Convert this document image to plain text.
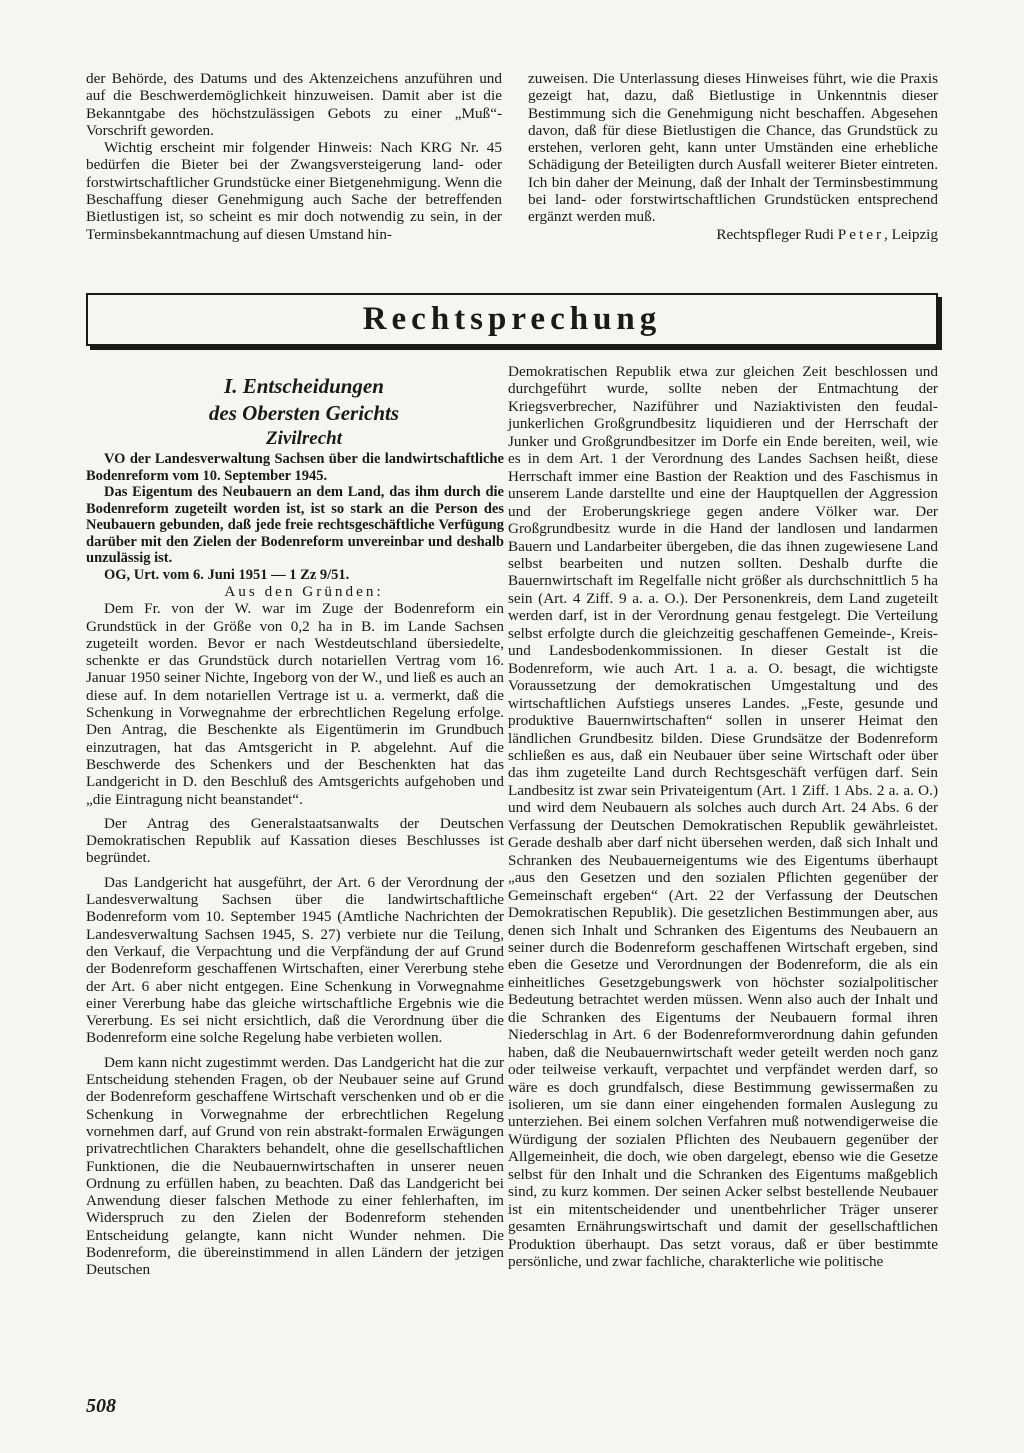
der Behörde, des Datums und des Aktenzeichens anzuführen und auf die Beschwerdemöglichkeit hinzuweisen. Damit aber ist die Bekanntgabe des höchstzulässigen Gebots zu einer „Muß“-Vorschrift geworden.

Wichtig erscheint mir folgender Hinweis: Nach KRG Nr. 45 bedürfen die Bieter bei der Zwangsversteigerung land- oder forstwirtschaftlicher Grundstücke einer Bietgenehmigung. Wenn die Beschaffung dieser Genehmigung auch Sache der betreffenden Bietlustigen ist, so scheint es mir doch notwendig zu sein, in der Terminsbekanntmachung auf diesen Umstand hin-

zuweisen. Die Unterlassung dieses Hinweises führt, wie die Praxis gezeigt hat, dazu, daß Bietlustige in Unkenntnis dieser Bestimmung sich die Genehmigung nicht beschaffen. Abgesehen davon, daß für diese Bietlustigen die Chance, das Grundstück zu erstehen, verloren geht, kann unter Umständen eine erhebliche Schädigung der Beteiligten durch Ausfall weiterer Bieter eintreten. Ich bin daher der Meinung, daß der Inhalt der Terminsbestimmung bei land- oder forstwirtschaftlichen Grundstücken entsprechend ergänzt werden muß.

Rechtspfleger Rudi Peter, Leipzig

Rechtsprechung

I. Entscheidungen

des Obersten Gerichts

Zivilrecht

VO der Landesverwaltung Sachsen über die landwirtschaftliche Bodenreform vom 10. September 1945.

Das Eigentum des Neubauern an dem Land, das ihm durch die Bodenreform zugeteilt worden ist, ist so stark an die Person des Neubauern gebunden, daß jede freie rechtsgeschäftliche Verfügung darüber mit den Zielen der Bodenreform unvereinbar und deshalb unzulässig ist.

OG, Urt. vom 6. Juni 1951 — 1 Zz 9/51.

Aus den Gründen:

Dem Fr. von der W. war im Zuge der Bodenreform ein Grundstück in der Größe von 0,2 ha in B. im Lande Sachsen zugeteilt worden. Bevor er nach Westdeutschland übersiedelte, schenkte er das Grundstück durch notariellen Vertrag vom 16. Januar 1950 seiner Nichte, Ingeborg von der W., und ließ es auch an diese auf. In dem notariellen Vertrage ist u. a. vermerkt, daß die Schenkung in Vorwegnahme der erbrechtlichen Regelung erfolge. Den Antrag, die Beschenkte als Eigentümerin im Grundbuch einzutragen, hat das Amtsgericht in P. abgelehnt. Auf die Beschwerde des Schenkers und der Beschenkten hat das Landgericht in D. den Beschluß des Amtsgerichts aufgehoben und „die Eintragung nicht beanstandet“.

Der Antrag des Generalstaatsanwalts der Deutschen Demokratischen Republik auf Kassation dieses Beschlusses ist begründet.

Das Landgericht hat ausgeführt, der Art. 6 der Verordnung der Landesverwaltung Sachsen über die landwirtschaftliche Bodenreform vom 10. September 1945 (Amtliche Nachrichten der Landesverwaltung Sachsen 1945, S. 27) verbiete nur die Teilung, den Verkauf, die Verpachtung und die Verpfändung der auf Grund der Bodenreform geschaffenen Wirtschaften, einer Vererbung stehe der Art. 6 aber nicht entgegen. Eine Schenkung in Vorwegnahme einer Vererbung habe das gleiche wirtschaftliche Ergebnis wie die Vererbung. Es sei nicht ersichtlich, daß die Verordnung über die Bodenreform eine solche Regelung habe verbieten wollen.

Dem kann nicht zugestimmt werden. Das Landgericht hat die zur Entscheidung stehenden Fragen, ob der Neubauer seine auf Grund der Bodenreform geschaffene Wirtschaft verschenken und ob er die Schenkung in Vorwegnahme der erbrechtlichen Regelung vornehmen darf, auf Grund von rein abstrakt-formalen Erwägungen privatrechtlichen Charakters behandelt, ohne die gesellschaftlichen Funktionen, die die Neubauernwirtschaften in unserer neuen Ordnung zu erfüllen haben, zu beachten. Daß das Landgericht bei Anwendung dieser falschen Methode zu einer fehlerhaften, im Widerspruch zu den Zielen der Bodenreform stehenden Entscheidung gelangte, kann nicht Wunder nehmen. Die Bodenreform, die übereinstimmend in allen Ländern der jetzigen Deutschen

Demokratischen Republik etwa zur gleichen Zeit beschlossen und durchgeführt wurde, sollte neben der Entmachtung der Kriegsverbrecher, Naziführer und Naziaktivisten den feudal-junkerlichen Großgrundbesitz liquidieren und der Herrschaft der Junker und Großgrundbesitzer im Dorfe ein Ende bereiten, weil, wie es in dem Art. 1 der Verordnung des Landes Sachsen heißt, diese Herrschaft immer eine Bastion der Reaktion und des Faschismus in unserem Lande darstellte und eine der Hauptquellen der Aggression und der Eroberungskriege gegen andere Völker war. Der Großgrundbesitz wurde in die Hand der landlosen und landarmen Bauern und Landarbeiter übergeben, die das ihnen zugewiesene Land selbst bearbeiten und nutzen sollten. Deshalb durfte die Bauernwirtschaft im Regelfalle nicht größer als durchschnittlich 5 ha sein (Art. 4 Ziff. 9 a. a. O.). Der Personenkreis, dem Land zugeteilt werden darf, ist in der Verordnung genau festgelegt. Die Verteilung selbst erfolgte durch die gleichzeitig geschaffenen Gemeinde-, Kreis- und Landesbodenkommissionen. In dieser Gestalt ist die Bodenreform, wie auch Art. 1 a. a. O. besagt, die wichtigste Voraussetzung der demokratischen Umgestaltung und des wirtschaftlichen Aufstiegs unseres Landes. „Feste, gesunde und produktive Bauernwirtschaften“ sollen in unserer Heimat den ländlichen Grundbesitz bilden. Diese Grundsätze der Bodenreform schließen es aus, daß ein Neubauer über seine Wirtschaft oder über das ihm zugeteilte Land durch Rechtsgeschäft verfügen darf. Sein Landbesitz ist zwar sein Privateigentum (Art. 1 Ziff. 1 Abs. 2 a. a. O.) und wird dem Neubauern als solches auch durch Art. 24 Abs. 6 der Verfassung der Deutschen Demokratischen Republik gewährleistet. Gerade deshalb aber darf nicht übersehen werden, daß sich Inhalt und Schranken des Neubauerneigentums wie des Eigentums überhaupt „aus den Gesetzen und den sozialen Pflichten gegenüber der Gemeinschaft ergeben“ (Art. 22 der Verfassung der Deutschen Demokratischen Republik). Die gesetzlichen Bestimmungen aber, aus denen sich Inhalt und Schranken des Eigentums des Neubauern an seiner durch die Bodenreform geschaffenen Wirtschaft ergeben, sind eben die Gesetze und Verordnungen der Bodenreform, die als ein einheitliches Gesetzgebungswerk von höchster sozialpolitischer Bedeutung betrachtet werden müssen. Wenn also auch der Inhalt und die Schranken des Eigentums der Neubauern formal ihren Niederschlag in Art. 6 der Bodenreformverordnung dahin gefunden haben, daß die Neubauernwirtschaft weder geteilt werden noch ganz oder teilweise verkauft, verpachtet und verpfändet werden darf, so wäre es doch grundfalsch, diese Bestimmung gewissermaßen zu isolieren, um sie dann einer eingehenden formalen Auslegung zu unterziehen. Bei einem solchen Verfahren muß notwendigerweise die Würdigung der sozialen Pflichten des Neubauern gegenüber der Allgemeinheit, die doch, wie oben dargelegt, ebenso wie die Gesetze selbst für den Inhalt und die Schranken des Eigentums maßgeblich sind, zu kurz kommen. Der seinen Acker selbst bestellende Neubauer ist ein mitentscheidender und unentbehrlicher Träger unserer gesamten Ernährungswirtschaft und damit der gesellschaftlichen Produktion überhaupt. Das setzt voraus, daß er über bestimmte persönliche, und zwar fachliche, charakterliche wie politische

508
